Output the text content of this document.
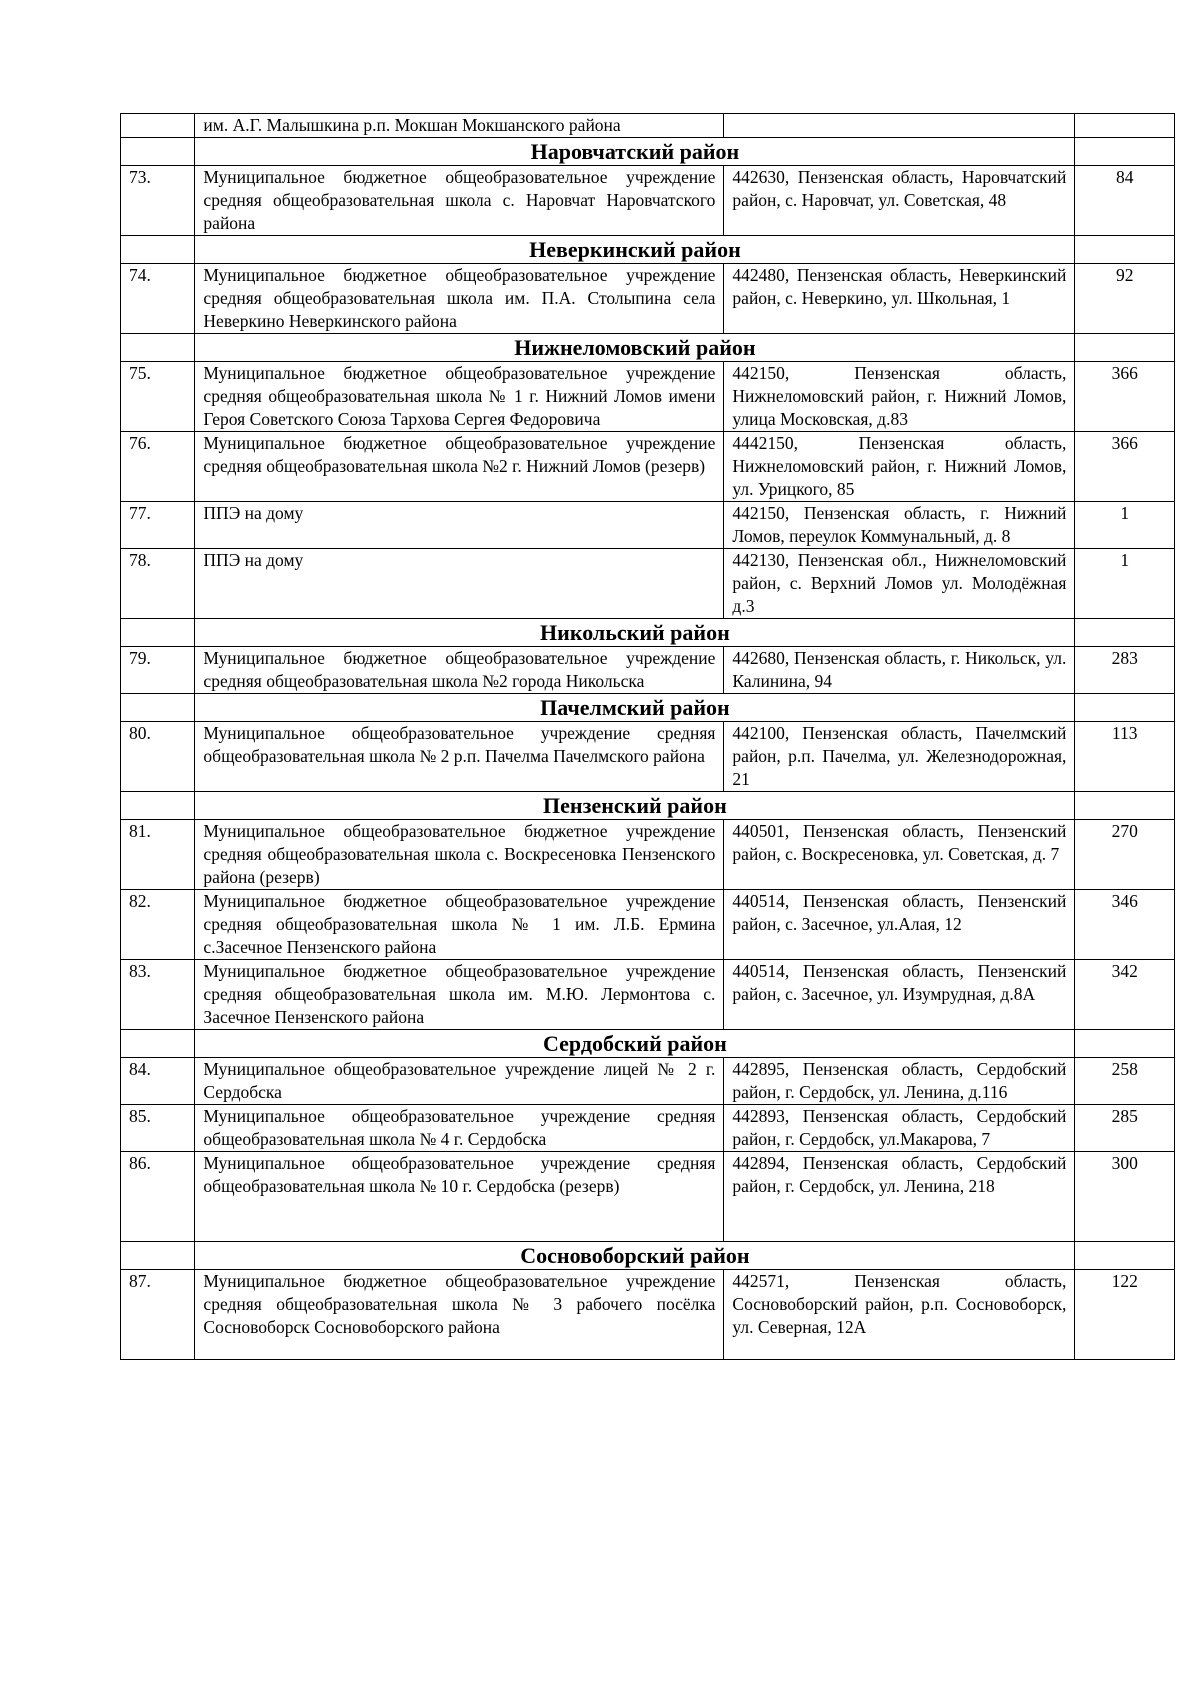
	им. А.Г. Малышкина р.п. Мокшан Мокшанского района		
	Наровчатский район		
73.	Муниципальное бюджетное общеобразовательное учреждение средняя общеобразовательная школа с. Наровчат Наровчатского района	442630, Пензенская область, Наровчатский район, с. Наровчат, ул. Советская, 48	84
	Неверкинский район		
74.	Муниципальное бюджетное общеобразовательное учреждение средняя общеобразовательная школа им. П.А. Столыпина села Неверкино Неверкинского района	442480, Пензенская область, Неверкинский район, с. Неверкино, ул. Школьная, 1	92
	Нижнеломовский район		
75.	Муниципальное бюджетное общеобразовательное учреждение средняя общеобразовательная школа № 1 г. Нижний Ломов имени Героя Советского Союза Тархова Сергея Федоровича	442150, Пензенская область, Нижнеломовский район, г. Нижний Ломов, улица Московская, д.83	366
76.	Муниципальное бюджетное общеобразовательное учреждение средняя общеобразовательная школа №2 г. Нижний Ломов (резерв)	4442150, Пензенская область, Нижнеломовский район, г. Нижний Ломов, ул. Урицкого, 85	366
77.	ППЭ на дому	442150, Пензенская область, г. Нижний Ломов, переулок Коммунальный, д. 8	1
78.	ППЭ на дому	442130, Пензенская обл., Нижнеломовский район, с. Верхний Ломов ул. Молодёжная д.3	1
	Никольский район		
79.	Муниципальное бюджетное общеобразовательное учреждение средняя общеобразовательная школа №2 города Никольска	442680, Пензенская область, г. Никольск, ул. Калинина, 94	283
	Пачелмский район		
80.	Муниципальное общеобразовательное учреждение средняя общеобразовательная школа № 2 р.п. Пачелма Пачелмского района	442100, Пензенская область, Пачелмский район, р.п. Пачелма, ул. Железнодорожная, 21	113
	Пензенский район		
81.	Муниципальное общеобразовательное бюджетное учреждение средняя общеобразовательная школа с. Воскресеновка Пензенского района (резерв)	440501, Пензенская область, Пензенский район, с. Воскресеновка, ул. Советская, д. 7	270
82.	Муниципальное бюджетное общеобразовательное учреждение средняя общеобразовательная школа № 1 им. Л.Б. Ермина с.Засечное Пензенского района	440514, Пензенская область, Пензенский район, с. Засечное, ул.Алая, 12	346
83.	Муниципальное бюджетное общеобразовательное учреждение средняя общеобразовательная школа им. М.Ю. Лермонтова с. Засечное Пензенского района	440514, Пензенская область, Пензенский район, с. Засечное, ул. Изумрудная, д.8А	342
	Сердобский район		
84.	Муниципальное общеобразовательное учреждение лицей № 2 г. Сердобска	442895, Пензенская область, Сердобский район, г. Сердобск, ул. Ленина, д.116	258
85.	Муниципальное общеобразовательное учреждение средняя общеобразовательная школа № 4 г. Сердобска	442893, Пензенская область, Сердобский район, г. Сердобск, ул.Макарова, 7	285
86.	Муниципальное общеобразовательное учреждение средняя общеобразовательная школа № 10 г. Сердобска (резерв)	442894, Пензенская область, Сердобский район, г. Сердобск, ул. Ленина, 218	300
	Сосновоборский район		
87.	Муниципальное бюджетное общеобразовательное учреждение средняя общеобразовательная школа № 3 рабочего посёлка Сосновоборск Сосновоборского района	442571, Пензенская область, Сосновоборский район, р.п. Сосновоборск, ул. Северная, 12А	122
